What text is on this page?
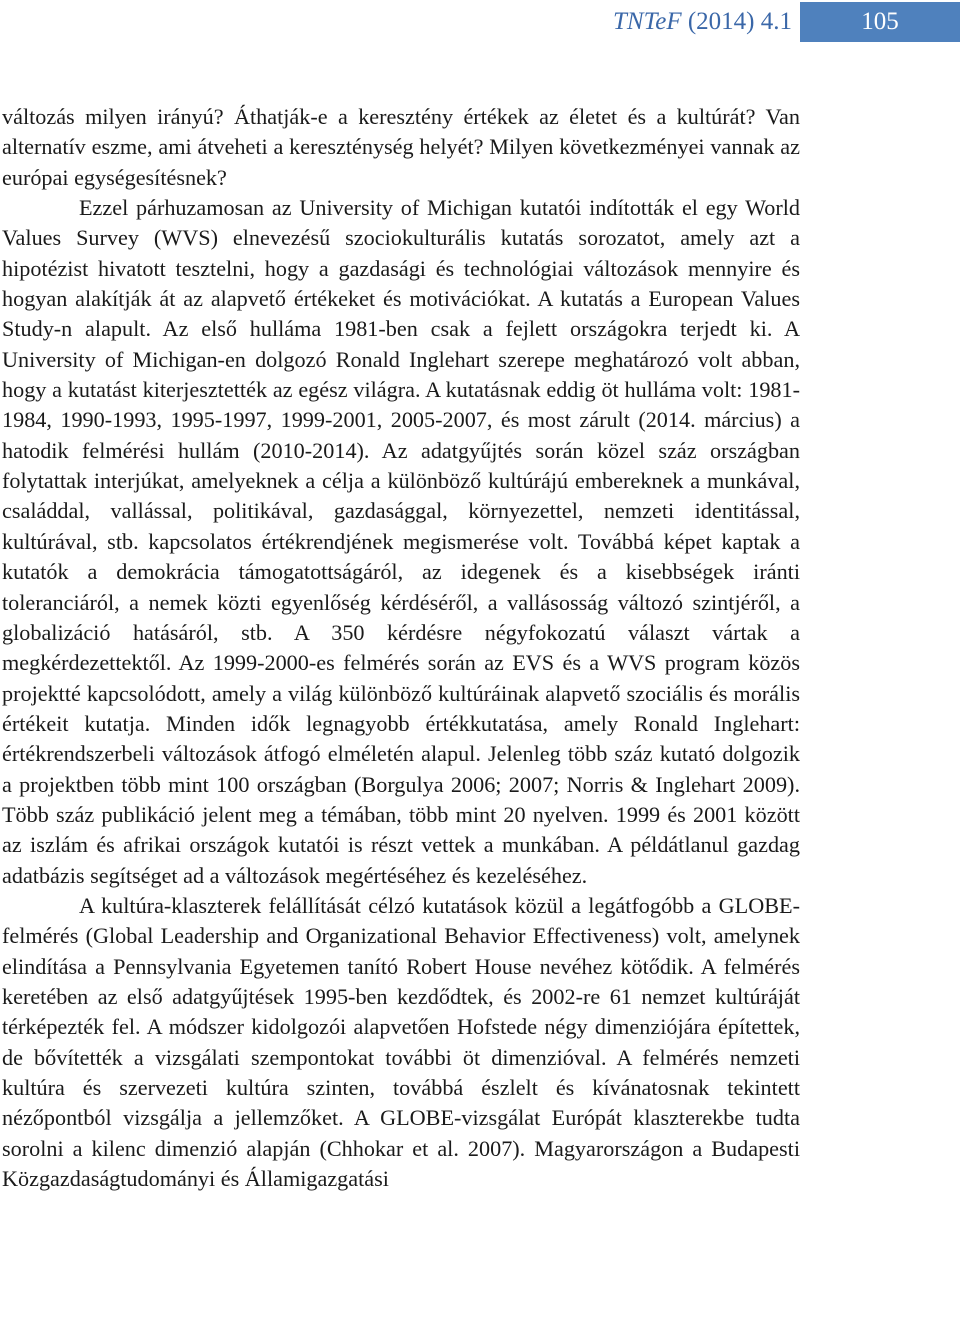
TNTeF (2014) 4.1	105

változás milyen irányú? Áthatják-e a keresztény értékek az életet és a kultúrát? Van alternatív eszme, ami átveheti a kereszténység helyét? Milyen következményei vannak az európai egységesítésnek?

Ezzel párhuzamosan az University of Michigan kutatói indították el egy World Values Survey (WVS) elnevezésű szociokulturális kutatás sorozatot, amely azt a hipotézist hivatott tesztelni, hogy a gazdasági és technológiai változások mennyire és hogyan alakítják át az alapvető értékeket és motivációkat. A kutatás a European Values Study-n alapult. Az első hulláma 1981-ben csak a fejlett országokra terjedt ki. A University of Michigan-en dolgozó Ronald Inglehart szerepe meghatározó volt abban, hogy a kutatást kiterjesztették az egész világra. A kutatásnak eddig öt hulláma volt: 1981-1984, 1990-1993, 1995-1997, 1999-2001, 2005-2007, és most zárult (2014. március) a hatodik felmérési hullám (2010-2014). Az adatgyűjtés során közel száz országban folytattak interjúkat, amelyeknek a célja a különböző kultúrájú embereknek a munkával, családdal, vallással, politikával, gazdasággal, környezettel, nemzeti identitással, kultúrával, stb. kapcsolatos értékrendjének megismerése volt. Továbbá képet kaptak a kutatók a demokrácia támogatottságáról, az idegenek és a kisebbségek iránti toleranciáról, a nemek közti egyenlőség kérdéséről, a vallásosság változó szintjéről, a globalizáció hatásáról, stb. A 350 kérdésre négyfokozatú választ vártak a megkérdezettektől. Az 1999-2000-es felmérés során az EVS és a WVS program közös projektté kapcsolódott, amely a világ különböző kultúráinak alapvető szociális és morális értékeit kutatja. Minden idők legnagyobb értékkutatása, amely Ronald Inglehart: értékrendszerbeli változások átfogó elméletén alapul. Jelenleg több száz kutató dolgozik a projektben több mint 100 országban (Borgulya 2006; 2007; Norris & Inglehart 2009). Több száz publikáció jelent meg a témában, több mint 20 nyelven. 1999 és 2001 között az iszlám és afrikai országok kutatói is részt vettek a munkában. A példátlanul gazdag adatbázis segítséget ad a változások megértéséhez és kezeléséhez.

A kultúra-klaszterek felállítását célzó kutatások közül a legátfogóbb a GLOBE-felmérés (Global Leadership and Organizational Behavior Effectiveness) volt, amelynek elindítása a Pennsylvania Egyetemen tanító Robert House nevéhez kötődik. A felmérés keretében az első adatgyűjtések 1995-ben kezdődtek, és 2002-re 61 nemzet kultúráját térképezték fel. A módszer kidolgozói alapvetően Hofstede négy dimenziójára építettek, de bővítették a vizsgálati szempontokat további öt dimenzióval. A felmérés nemzeti kultúra és szervezeti kultúra szinten, továbbá észlelt és kívánatosnak tekintett nézőpontból vizsgálja a jellemzőket. A GLOBE-vizsgálat Európát klaszterekbe tudta sorolni a kilenc dimenzió alapján (Chhokar et al. 2007). Magyarországon a Budapesti Közgazdaságtudományi és Államigazgatási
